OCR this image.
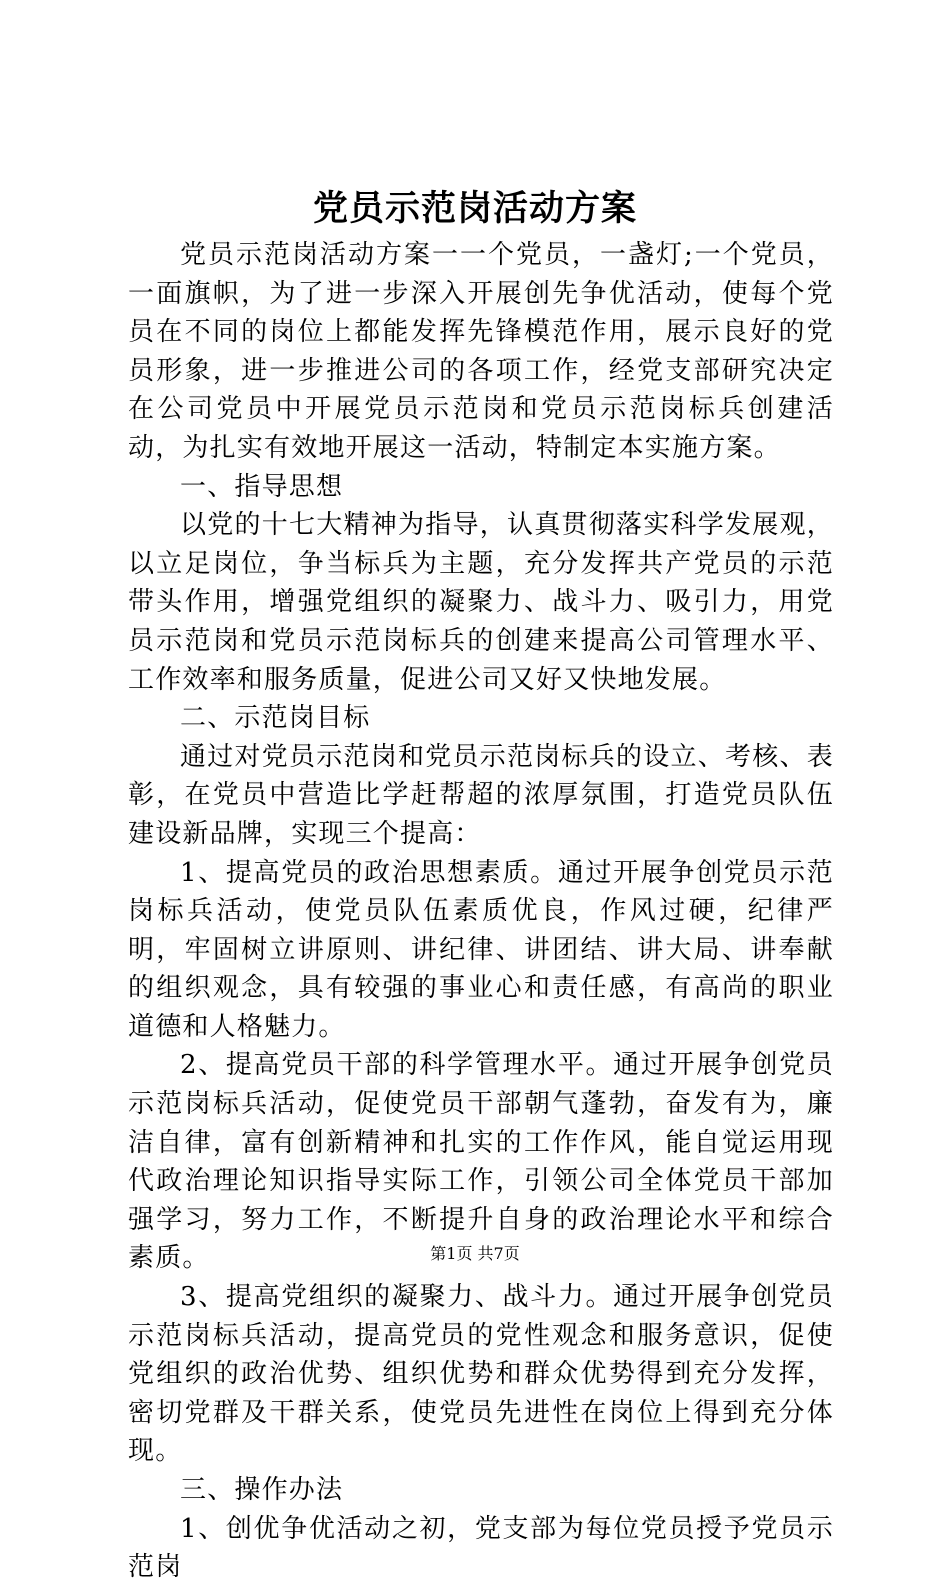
党员示范岗活动方案

党员示范岗活动方案一一个党员，一盏灯;一个党员，一面旗帜，为了进一步深入开展创先争优活动，使每个党员在不同的岗位上都能发挥先锋模范作用，展示良好的党员形象，进一步推进公司的各项工作，经党支部研究决定在公司党员中开展党员示范岗和党员示范岗标兵创建活动，为扎实有效地开展这一活动，特制定本实施方案。

一、指导思想

以党的十七大精神为指导，认真贯彻落实科学发展观，以立足岗位，争当标兵为主题，充分发挥共产党员的示范带头作用，增强党组织的凝聚力、战斗力、吸引力，用党员示范岗和党员示范岗标兵的创建来提高公司管理水平、工作效率和服务质量，促进公司又好又快地发展。

二、示范岗目标

通过对党员示范岗和党员示范岗标兵的设立、考核、表彰，在党员中营造比学赶帮超的浓厚氛围，打造党员队伍建设新品牌，实现三个提高：

1、提高党员的政治思想素质。通过开展争创党员示范岗标兵活动，使党员队伍素质优良，作风过硬，纪律严明，牢固树立讲原则、讲纪律、讲团结、讲大局、讲奉献的组织观念，具有较强的事业心和责任感，有高尚的职业道德和人格魅力。

2、提高党员干部的科学管理水平。通过开展争创党员示范岗标兵活动，促使党员干部朝气蓬勃，奋发有为，廉洁自律，富有创新精神和扎实的工作作风，能自觉运用现代政治理论知识指导实际工作，引领公司全体党员干部加强学习，努力工作，不断提升自身的政治理论水平和综合素质。

3、提高党组织的凝聚力、战斗力。通过开展争创党员示范岗标兵活动，提高党员的党性观念和服务意识，促使党组织的政治优势、组织优势和群众优势得到充分发挥，密切党群及干群关系，使党员先进性在岗位上得到充分体现。

三、操作办法

1、创优争优活动之初，党支部为每位党员授予党员示范岗

第1页 共7页
